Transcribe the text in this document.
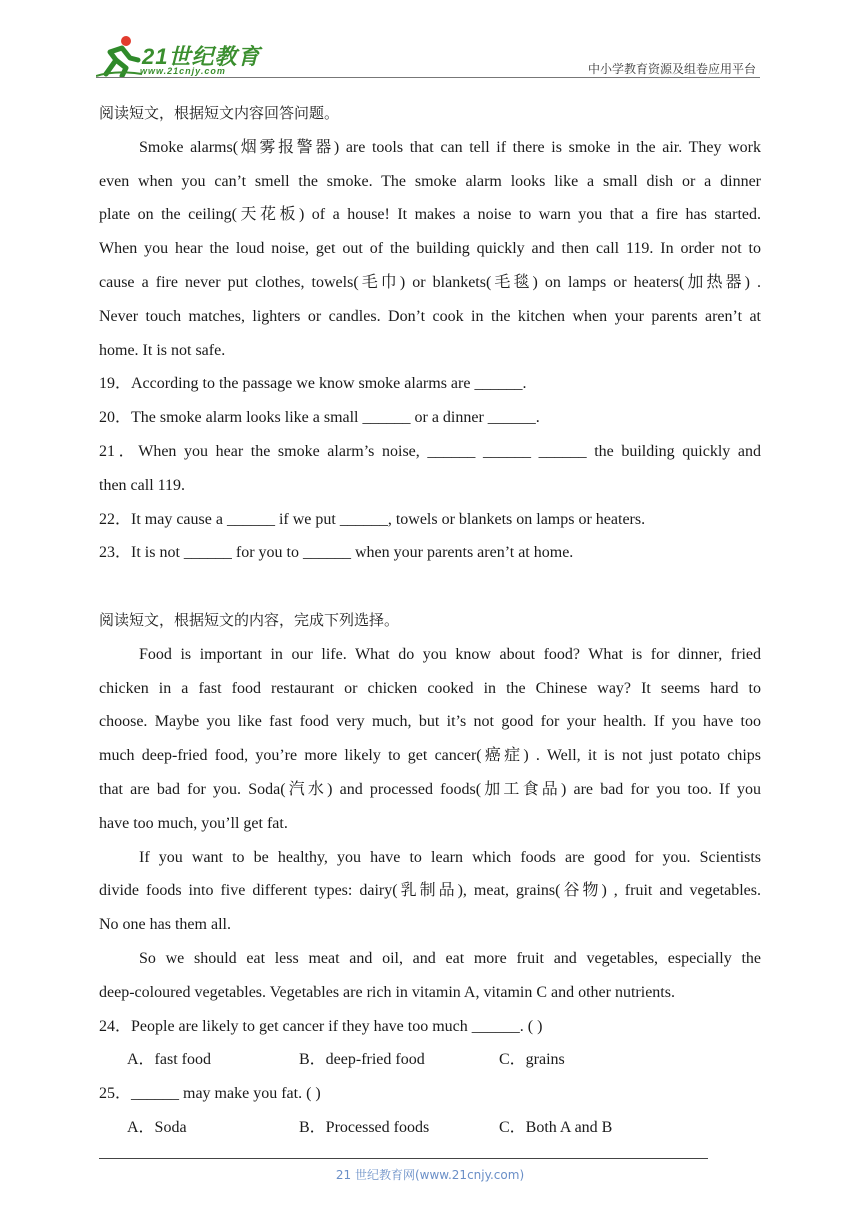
21世纪教育
www.21cnjy.com	中小学教育资源及组卷应用平台
阅读短文，根据短文内容回答问题。
Smoke alarms(烟雾报警器) are tools that can tell if there is smoke in the air. They work
even when you can’t smell the smoke. The smoke alarm looks like a small dish or a dinner
plate on the ceiling(天花板) of a house! It makes a noise to warn you that a fire has started.
When you hear the loud noise, get out of the building quickly and then call 119. In order not to
cause a fire never put clothes, towels(毛巾) or blankets(毛毯) on lamps or heaters(加热器) .
Never touch matches, lighters or candles. Don’t cook in the kitchen when your parents aren’t at
home. It is not safe.
19．According to the passage we know smoke alarms are ______.
20．The smoke alarm looks like a small ______ or a dinner ______.
21．When you hear the smoke alarm’s noise, ______ ______ ______ the building quickly and
then call 119.
22．It may cause a ______ if we put ______, towels or blankets on lamps or heaters.
23．It is not ______ for you to ______ when your parents aren’t at home.
阅读短文，根据短文的内容，完成下列选择。
Food is important in our life. What do you know about food? What is for dinner, fried
chicken in a fast food restaurant or chicken cooked in the Chinese way? It seems hard to
choose. Maybe you like fast food very much, but it’s not good for your health. If you have too
much deep-fried food, you’re more likely to get cancer(癌症) . Well, it is not just potato chips
that are bad for you. Soda(汽水) and processed foods(加工食品) are bad for you too. If you
have too much, you’ll get fat.
If you want to be healthy, you have to learn which foods are good for you. Scientists
divide foods into five different types: dairy(乳制品), meat, grains(谷物) , fruit and vegetables.
No one has them all.
So we should eat less meat and oil, and eat more fruit and vegetables, especially the
deep-coloured vegetables. Vegetables are rich in vitamin A, vitamin C and other nutrients.
24．People are likely to get cancer if they have too much ______. ( )
A．fast food	B．deep-fried food	C．grains
25．______ may make you fat. ( )
A．Soda	B．Processed foods	C．Both A and B
21 世纪教育网(www.21cnjy.com)
